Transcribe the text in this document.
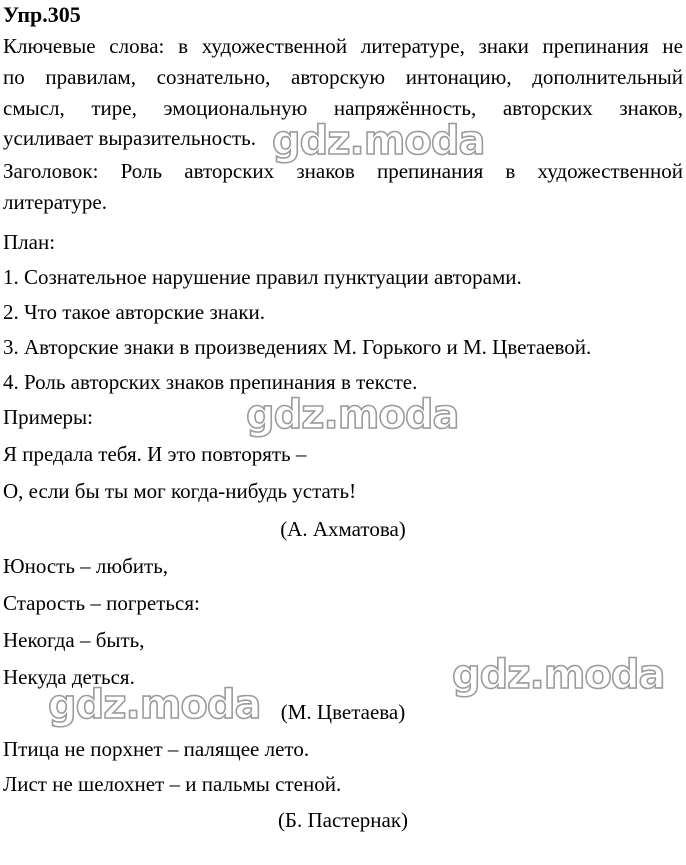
Упр.305
Ключевые слова: в художественной литературе, знаки препинания не
по правилам, сознательно, авторскую интонацию, дополнительный
смысл, тире, эмоциональную напряжённость, авторских знаков,
усиливает выразительность.
Заголовок: Роль авторских знаков препинания в художественной
литературе.
План:
1. Сознательное нарушение правил пунктуации авторами.
2. Что такое авторские знаки.
3. Авторские знаки в произведениях М. Горького и М. Цветаевой.
4. Роль авторских знаков препинания в тексте.
Примеры:
Я предала тебя. И это повторять –
О, если бы ты мог когда-нибудь устать!
(А. Ахматова)
Юность – любить,
Старость – погреться:
Некогда – быть,
Некуда деться.
(М. Цветаева)
Птица не порхнет – палящее лето.
Лист не шелохнет – и пальмы стеной.
(Б. Пастернак)
gdz.moda
gdz.moda
gdz.moda
gdz.moda
